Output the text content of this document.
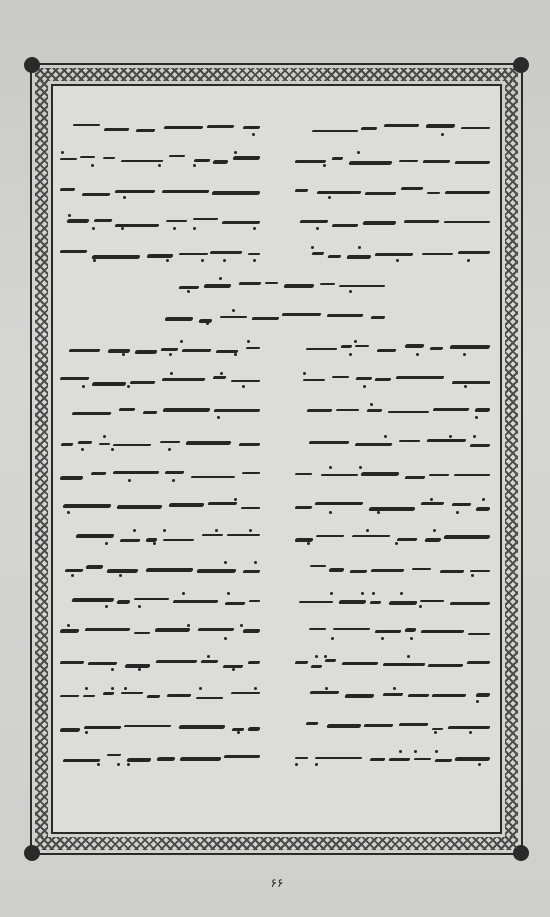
۶۶
